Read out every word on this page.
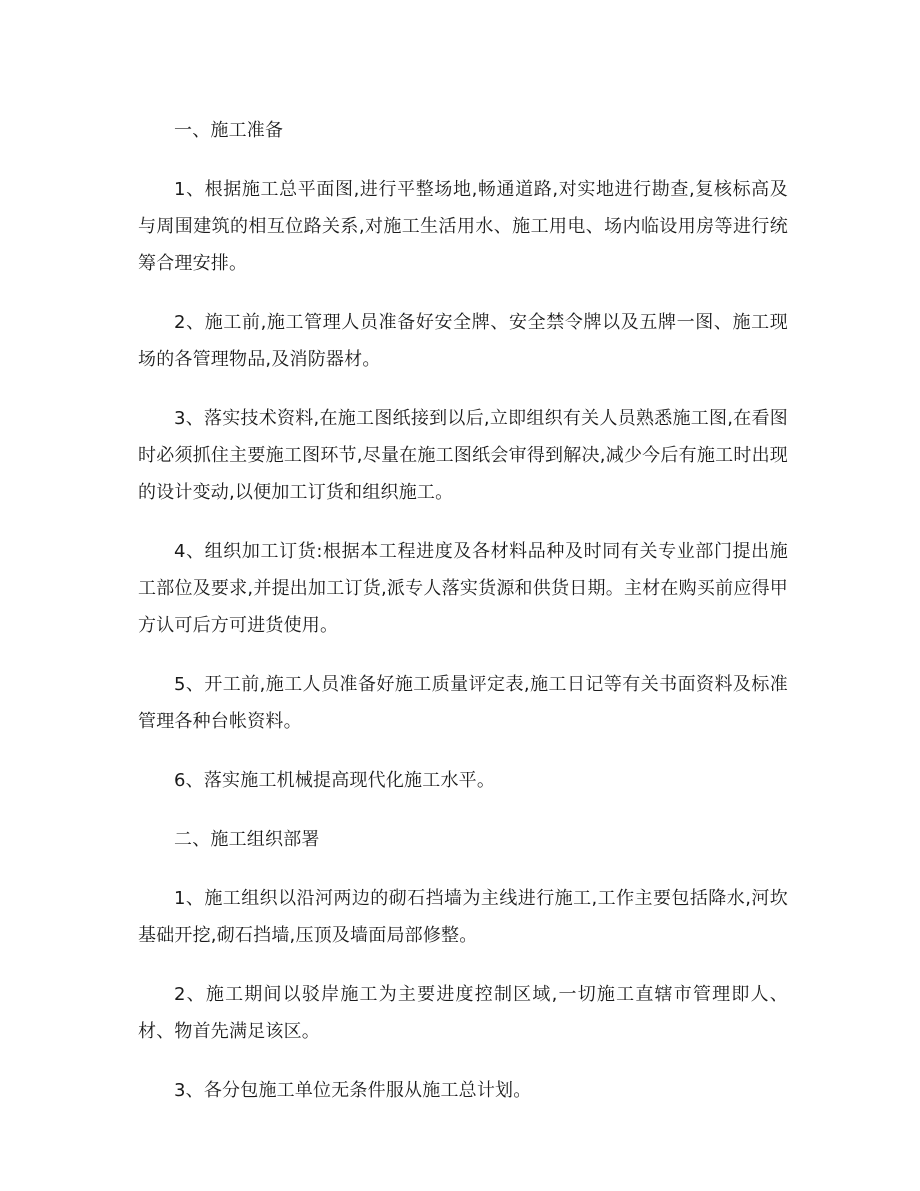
一、施工准备

1、根据施工总平面图,进行平整场地,畅通道路,对实地进行勘查,复核标高及与周围建筑的相互位路关系,对施工生活用水、施工用电、场内临设用房等进行统筹合理安排。

2、施工前,施工管理人员准备好安全牌、安全禁令牌以及五牌一图、施工现场的各管理物品,及消防器材。

3、落实技术资料,在施工图纸接到以后,立即组织有关人员熟悉施工图,在看图时必须抓住主要施工图环节,尽量在施工图纸会审得到解决,减少今后有施工时出现的设计变动,以便加工订货和组织施工。

4、组织加工订货:根据本工程进度及各材料品种及时同有关专业部门提出施工部位及要求,并提出加工订货,派专人落实货源和供货日期。主材在购买前应得甲方认可后方可进货使用。

5、开工前,施工人员准备好施工质量评定表,施工日记等有关书面资料及标准管理各种台帐资料。

6、落实施工机械提高现代化施工水平。

二、施工组织部署

1、施工组织以沿河两边的砌石挡墙为主线进行施工,工作主要包括降水,河坎基础开挖,砌石挡墙,压顶及墙面局部修整。

2、施工期间以驳岸施工为主要进度控制区域,一切施工直辖市管理即人、材、物首先满足该区。

3、各分包施工单位无条件服从施工总计划。
